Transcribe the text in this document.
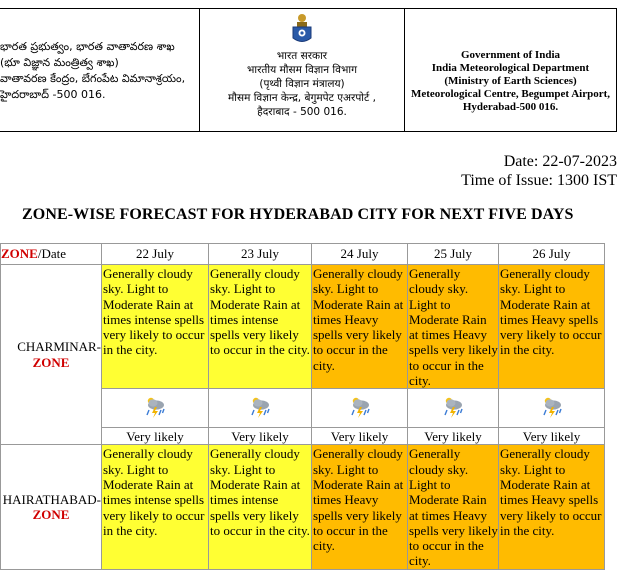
భారత ప్రభుత్వం, భారత వాతావరణ శాఖ
(భూ విజ్ఞాన మంత్రిత్వ శాఖ)
వాతావరణ కేంద్రం, బేగంపేట విమానాశ్రయం,
హైదరాబాద్ -500 016.
भारत सरकार
भारतीय मौसम विज्ञान विभाग
(पृथ्वी विज्ञान मंत्रालय)
मौसम विज्ञान केन्द्र, बेगुमपेट एअरपोर्ट ,
हैदराबाद - 500 016.
Government of India
India Meteorological Department
(Ministry of Earth Sciences)
Meteorological Centre, Begumpet Airport,
Hyderabad-500 016.
Date: 22-07-2023
Time of Issue: 1300 IST
ZONE-WISE FORECAST FOR HYDERABAD CITY FOR NEXT FIVE DAYS
ZONE/Date	22 July	23 July	24 July	25 July	26 July
CHARMINAR-
ZONE	Generally cloudy sky. Light to Moderate Rain at times intense spells very likely to occur in the city.	Generally cloudy sky. Light to Moderate Rain at times intense spells very likely to occur in the city.	Generally cloudy sky. Light to Moderate Rain at times Heavy spells very likely to occur in the city.	Generally cloudy sky. Light to Moderate Rain at times Heavy spells very likely to occur in the city.	Generally cloudy sky. Light to Moderate Rain at times Heavy spells very likely to occur in the city.

	Very likely	Very likely	Very likely	Very likely	Very likely
HAIRATHABAD-
ZONE	Generally cloudy sky. Light to Moderate Rain at times intense spells very likely to occur in the city.	Generally cloudy sky. Light to Moderate Rain at times intense spells very likely to occur in the city.	Generally cloudy sky. Light to Moderate Rain at times Heavy spells very likely to occur in the city.	Generally cloudy sky. Light to Moderate Rain at times Heavy spells very likely to occur in the city.	Generally cloudy sky. Light to Moderate Rain at times Heavy spells very likely to occur in the city.
